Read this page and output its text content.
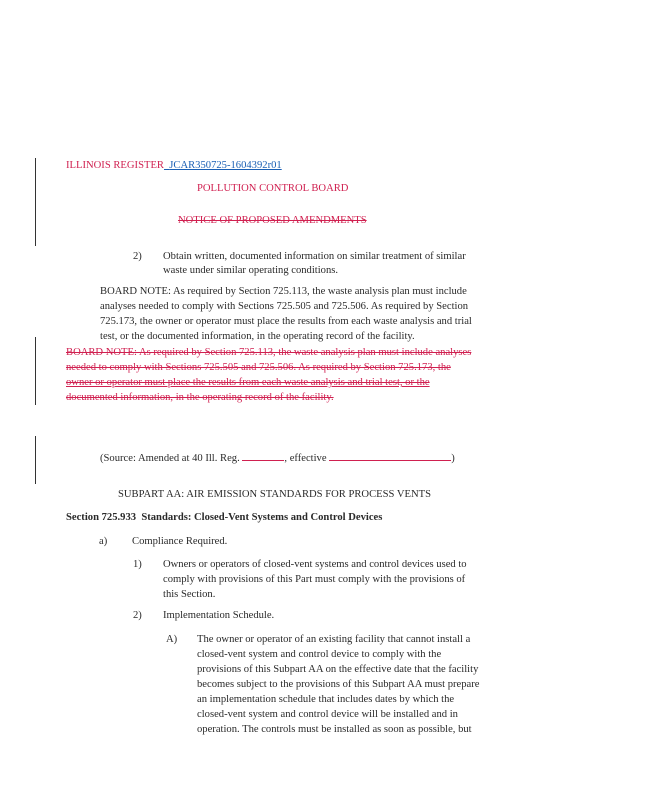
ILLINOIS REGISTER JCAR350725-1604392r01
POLLUTION CONTROL BOARD
NOTICE OF PROPOSED AMENDMENTS
2) Obtain written, documented information on similar treatment of similar
waste under similar operating conditions.
BOARD NOTE: As required by Section 725.113, the waste analysis plan must include
analyses needed to comply with Sections 725.505 and 725.506. As required by Section
725.173, the owner or operator must place the results from each waste analysis and trial
test, or the documented information, in the operating record of the facility.
BOARD NOTE: As required by Section 725.113, the waste analysis plan must include analyses
needed to comply with Sections 725.505 and 725.506. As required by Section 725.173, the
owner or operator must place the results from each waste analysis and trial test, or the
documented information, in the operating record of the facility.
(Source: Amended at 40 Ill. Reg.	, effective	)
SUBPART AA: AIR EMISSION STANDARDS FOR PROCESS VENTS
Section 725.933 Standards: Closed-Vent Systems and Control Devices
a) Compliance Required.
1) Owners or operators of closed-vent systems and control devices used to
comply with provisions of this Part must comply with the provisions of
this Section.
2) Implementation Schedule.
A) The owner or operator of an existing facility that cannot install a
closed-vent system and control device to comply with the
provisions of this Subpart AA on the effective date that the facility
becomes subject to the provisions of this Subpart AA must prepare
an implementation schedule that includes dates by which the
closed-vent system and control device will be installed and in
operation. The controls must be installed as soon as possible, but
